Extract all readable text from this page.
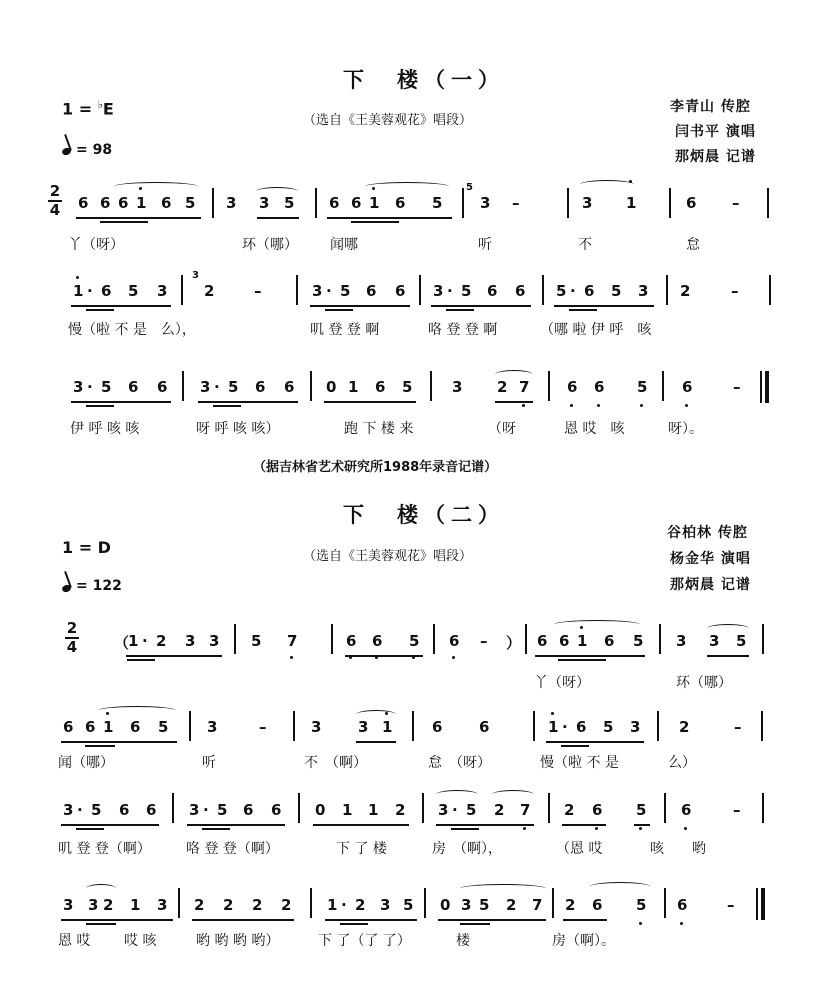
下　楼（一）
（选自《王美蓉观花》唱段）
1 = ♭E
= 98
李青山 传腔
闫书平 演唱
那炳晨 记谱
2
4 6 6 6 1 6 5 3 3 5 6 6 1 6 5	3 –	3 1	6 –
5
丫（呀）	环（哪） 闻哪	听	不	怠
1 · 6 5 3 2	–	3 · 5 6 6 3 · 5 6 6 5 · 6 5 3 2	–
3
慢（啦 不 是　么），	叽 登 登 啊	咯 登 登 啊	（哪 啦 伊 呼　咳
3 · 5 6 6 3 · 5 6 6 0 1 6 5	3 2 7	6 6 5 6	–
伊 呼 咳 咳	呀 呼 咳 咳）	跑 下 楼 来	（呀	恩 哎　咳	呀）。
（据吉林省艺术研究所1988年录音记谱）
下　楼（二）
（选自《王美蓉观花》唱段）
1 = D
= 122
谷柏林 传腔
杨金华 演唱
那炳晨 记谱
2
4 （
1 · 2 3 3 5 7	6 6 5 6 – ） 6 6 1 6 5 3 3 5
丫（呀）	环（哪）
6 6 1 6 5	3	–	3 3 1	6 6	1 · 6 5 3	2	–
闻（哪）	听	不　（啊）	怠　（呀）	慢（啦 不 是	么）
3 · 5 6 6 3 · 5 6 6 0 1 1 2 3 · 5 2 7 2 6 5 6	–
叽 登 登（啊）	咯 登 登（啊）	下 了 楼	房　（啊），	（恩 哎	咳　　哟
3 3 2 1 3 2 2 2 2 1 · 2 3 5 0 3 5 2 7 2 6 5 6	–
恩 哎 哎 咳	哟 哟 哟 哟）	下 了（了 了）	楼	房（啊）。
